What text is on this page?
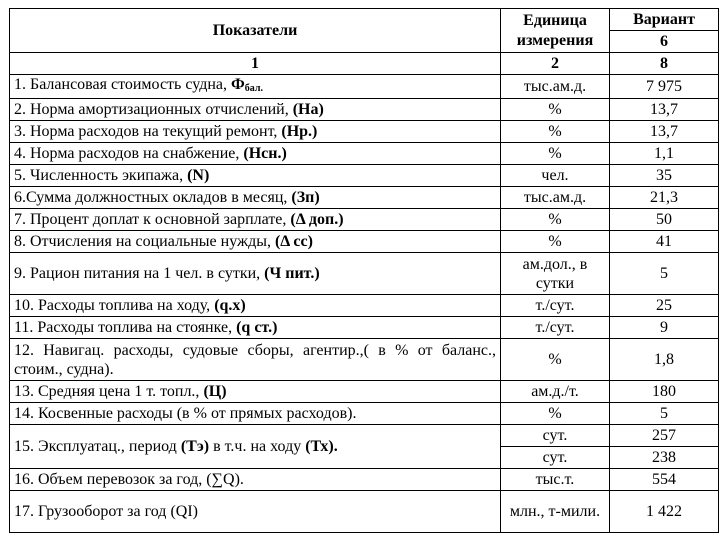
Показатели	Единица измерения	Вариант
		6
1	2	8
1. Балансовая стоимость судна, $Ф_{бал.}$	тыс.ам.д.	7 975
2. Норма амортизационных отчислений, (На)	%	13,7
3. Норма расходов на текущий ремонт, (Нр.)	%	13,7
4. Норма расходов на снабжение, (Нсн.)	%	1,1
5. Численность экипажа, (N)	чел.	35
6.Сумма должностных окладов в месяц, (Зп)	тыс.ам.д.	21,3
7. Процент доплат к основной зарплате, (Δ доп.)	%	50
8. Отчисления на социальные нужды, (Δ сс)	%	41
9. Рацион питания на 1 чел. в сутки, (Ч пит.)	ам.дол., в сутки	5
10. Расходы топлива на ходу, (q.х)	т./сут.	25
11. Расходы топлива на стоянке, (q ст.)	т./сут.	9
12. Навигац. расходы, судовые сборы, агентир.,( в % от баланс., стоим., судна).	%	1,8
13. Средняя цена 1 т. топл., (Ц)	ам.д./т.	180
14. Косвенные расходы (в % от прямых расходов).	%	5
15. Эксплуатац., период (Тэ) в т.ч. на ходу (Тх).	сут.	257
	сут.	238
16. Объем перевозок за год, (∑Q).	тыс.т.	554
17. Грузооборот за год (QI)	млн., т-мили.	1 422
